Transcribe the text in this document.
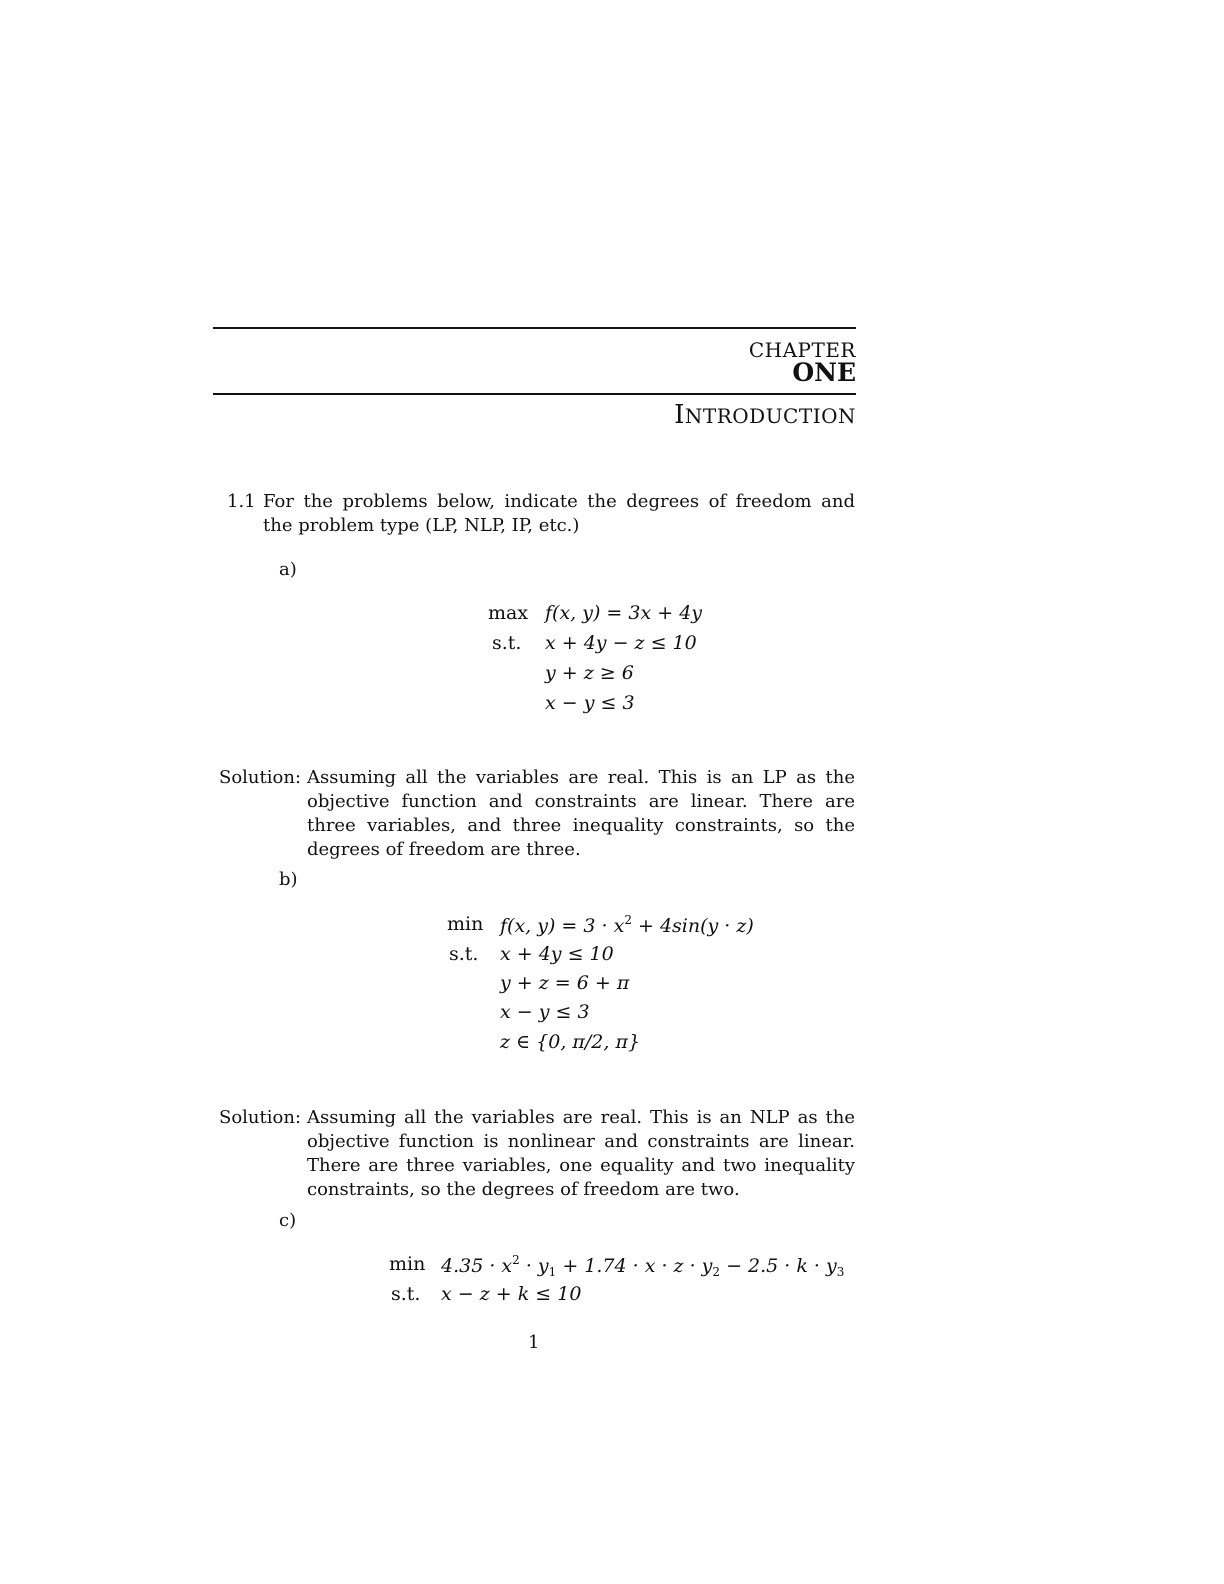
CHAPTER
ONE
INTRODUCTION
1.1 For the problems below, indicate the degrees of freedom and the problem type (LP, NLP, IP, etc.)
a)
max f(x, y) = 3x + 4y
s.t. x + 4y − z ≤ 10
y + z ≥ 6
x − y ≤ 3
Solution: Assuming all the variables are real. This is an LP as the objective function and constraints are linear. There are three variables, and three inequality constraints, so the degrees of freedom are three.
b)
min f(x, $y) = 3 \cdot x^2 + 4\sin(y \cdot z)$
s.t. x + 4y ≤ 10
y + z = 6 + π
x − y ≤ 3
z ∈ {0, π/2, π}
Solution: Assuming all the variables are real. This is an NLP as the objective function is nonlinear and constraints are linear. There are three variables, one equality and two inequality constraints, so the degrees of freedom are two.
c)
$\min 4.35 \cdot x^2 \cdot y_1 + 1.74 \cdot x \cdot z \cdot y_2 - 2.5 \cdot k \cdot y_3$
s.t. x − z + k ≤ 10
1
